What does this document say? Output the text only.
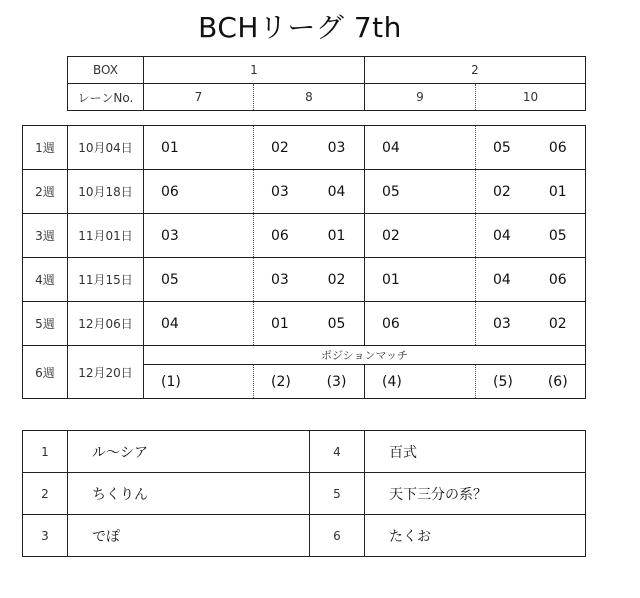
BCHリーグ 7th
BOX	1		2	
レーンNo.	7	8	9	10
1週	10月04日	01	02 03	04	05 06

2週	10月18日	06	03 04	05	02 01

3週	11月01日	03	06 01	02	04 05

4週	11月15日	05	03 02	01	04 06

5週	12月06日	04	01 05	06	03 02

6週	12月20日	ポジションマッチ			

		(1)	(2) (3)	(4)	(5) (6)
1	ル～シア	4	百式
2	ちくりん	5	天下三分の系？
3	でぽ	6	たくお
